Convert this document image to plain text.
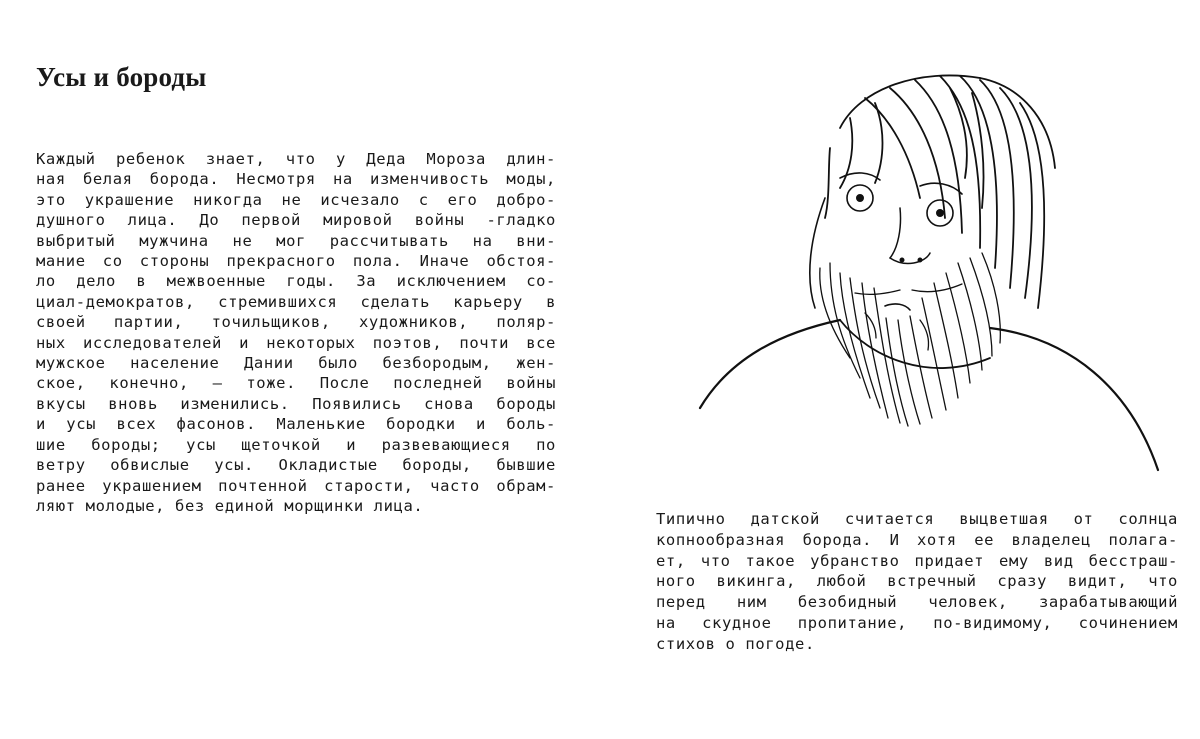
Усы и бороды
Каждый ребенок знает, что у Деда Мороза длин-
ная белая борода. Несмотря на изменчивость моды,
это украшение никогда не исчезало с его добро-
душного лица. До первой мировой войны -гладко
выбритый мужчина не мог рассчитывать на вни-
мание со стороны прекрасного пола. Иначе обстоя-
ло дело в межвоенные годы. За исключением со-
циал-демократов, стремившихся сделать карьеру в
своей партии, точильщиков, художников, поляр-
ных исследователей и некоторых поэтов, почти все
мужское население Дании было безбородым, жен-
ское, конечно, — тоже. После последней войны
вкусы вновь изменились. Появились снова бороды
и усы всех фасонов. Маленькие бородки и боль-
шие бороды; усы щеточкой и развевающиеся по
ветру обвислые усы. Окладистые бороды, бывшие
ранее украшением почтенной старости, часто обрам-
ляют молодые, без единой морщинки лица.
Типично датской считается выцветшая от солнца
копнообразная борода. И хотя ее владелец полага-
ет, что такое убранство придает ему вид бесстраш-
ного викинга, любой встречный сразу видит, что
перед ним безобидный человек, зарабатывающий
на скудное пропитание, по-видимому, сочинением
стихов о погоде.
